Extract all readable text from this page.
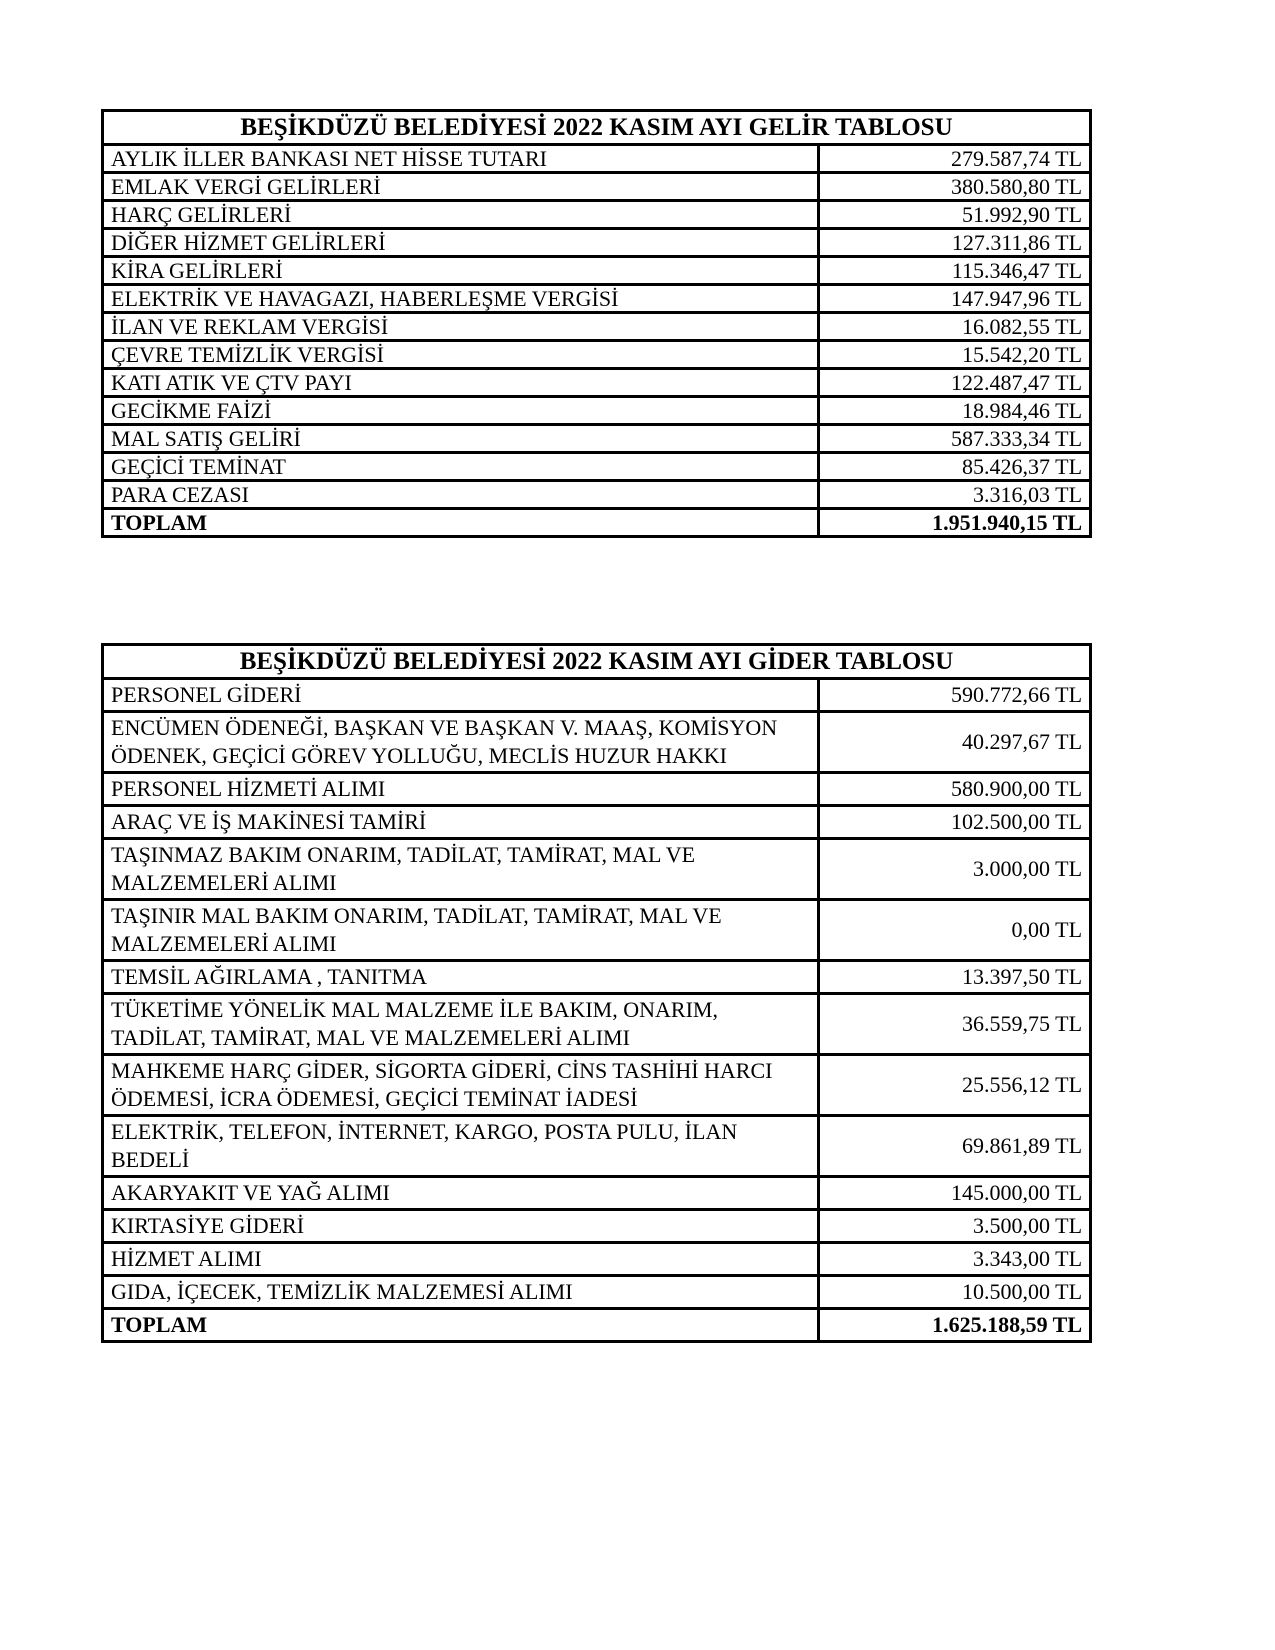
BEŞİKDÜZÜ BELEDİYESİ 2022 KASIM AYI GELİR TABLOSU	
AYLIK İLLER BANKASI NET HİSSE TUTARI	279.587,74 TL
EMLAK VERGİ GELİRLERİ	380.580,80 TL
HARÇ GELİRLERİ	51.992,90 TL
DİĞER HİZMET GELİRLERİ	127.311,86 TL
KİRA GELİRLERİ	115.346,47 TL
ELEKTRİK VE HAVAGAZI, HABERLEŞME VERGİSİ	147.947,96 TL
İLAN VE REKLAM VERGİSİ	16.082,55 TL
ÇEVRE TEMİZLİK VERGİSİ	15.542,20 TL
KATI ATIK VE ÇTV PAYI	122.487,47 TL
GECİKME FAİZİ	18.984,46 TL
MAL SATIŞ GELİRİ	587.333,34 TL
GEÇİCİ TEMİNAT	85.426,37 TL
PARA CEZASI	3.316,03 TL
TOPLAM	1.951.940,15 TL
BEŞİKDÜZÜ BELEDİYESİ 2022 KASIM AYI GİDER TABLOSU	
PERSONEL GİDERİ	590.772,66 TL
ENCÜMEN ÖDENEĞİ, BAŞKAN VE BAŞKAN V. MAAŞ, KOMİSYON ÖDENEK, GEÇİCİ GÖREV YOLLUĞU, MECLİS HUZUR HAKKI	40.297,67 TL
PERSONEL HİZMETİ ALIMI	580.900,00 TL
ARAÇ VE İŞ MAKİNESİ TAMİRİ	102.500,00 TL
TAŞINMAZ BAKIM ONARIM, TADİLAT, TAMİRAT, MAL VE MALZEMELERİ ALIMI	3.000,00 TL
TAŞINIR MAL BAKIM ONARIM, TADİLAT, TAMİRAT, MAL VE MALZEMELERİ ALIMI	0,00 TL
TEMSİL AĞIRLAMA , TANITMA	13.397,50 TL
TÜKETİME YÖNELİK MAL MALZEME İLE BAKIM, ONARIM, TADİLAT, TAMİRAT, MAL VE MALZEMELERİ ALIMI	36.559,75 TL
MAHKEME HARÇ GİDER, SİGORTA GİDERİ, CİNS TASHİHİ HARCI ÖDEMESİ, İCRA ÖDEMESİ, GEÇİCİ TEMİNAT İADESİ	25.556,12 TL
ELEKTRİK, TELEFON, İNTERNET, KARGO, POSTA PULU, İLAN BEDELİ	69.861,89 TL
AKARYAKIT VE YAĞ ALIMI	145.000,00 TL
KIRTASİYE GİDERİ	3.500,00 TL
HİZMET ALIMI	3.343,00 TL
GIDA, İÇECEK, TEMİZLİK MALZEMESİ ALIMI	10.500,00 TL
TOPLAM	1.625.188,59 TL
